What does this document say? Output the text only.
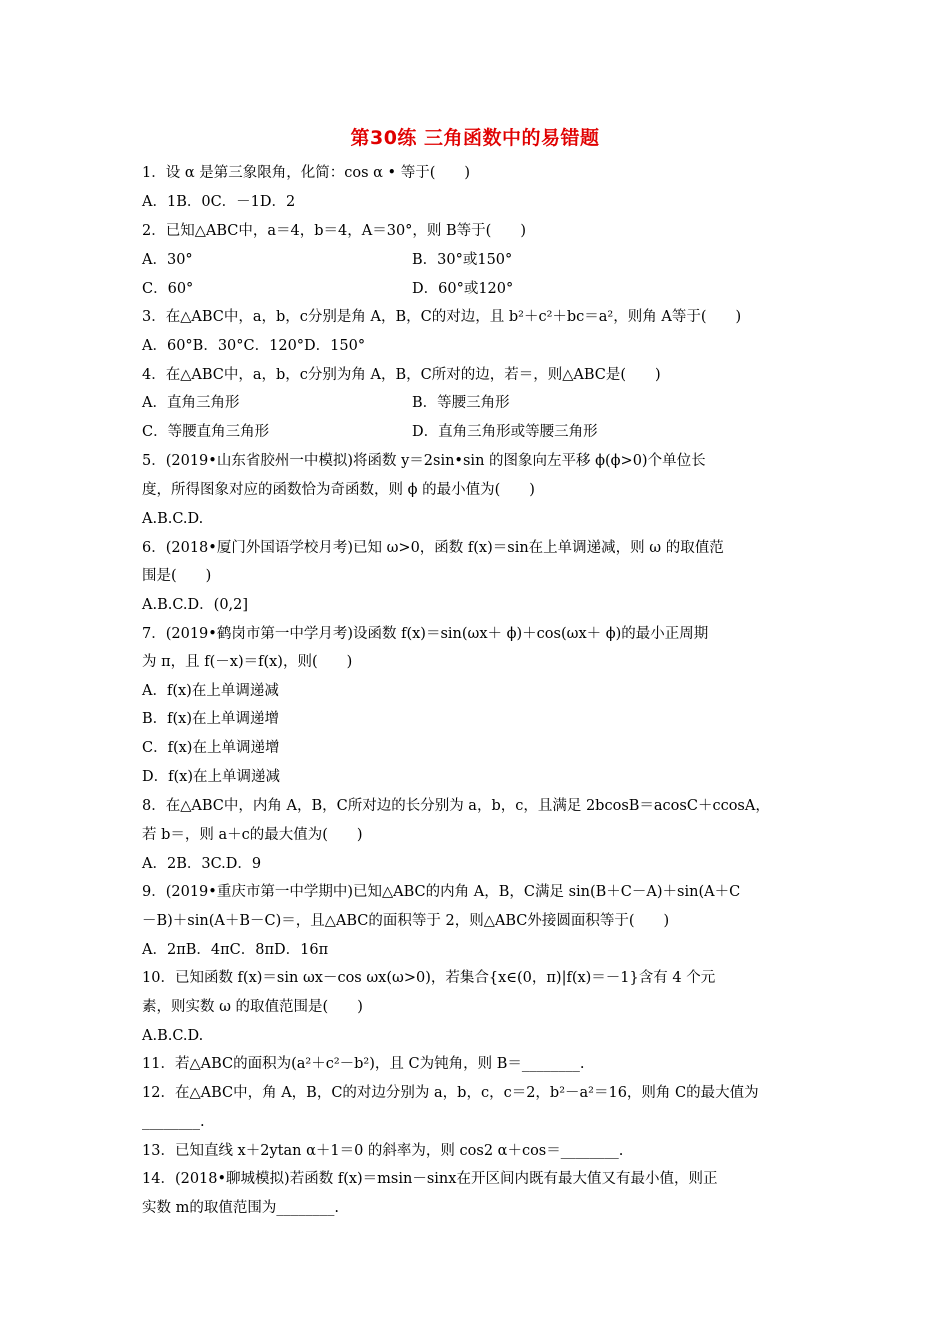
第30练 三角函数中的易错题
1．设 α 是第三象限角，化简：cos α • 等于(　　)
A．1B．0C．－1D．2
2．已知△ABC中，a＝4，b＝4，A＝30°，则 B等于(　　)
A．30°	B．30°或150°
C．60°	D．60°或120°
3．在△ABC中，a，b，c分别是角 A，B，C的对边，且 b²＋c²＋bc＝a²，则角 A等于(　　)
A．60°B．30°C．120°D．150°
4．在△ABC中，a，b，c分别为角 A，B，C所对的边，若＝，则△ABC是(　　)
A．直角三角形	B．等腰三角形
C．等腰直角三角形	D．直角三角形或等腰三角形
5．(2019•山东省胶州一中模拟)将函数 y＝2sin•sin 的图象向左平移 ϕ(ϕ>0)个单位长
度，所得图象对应的函数恰为奇函数，则 ϕ 的最小值为(　　)
A.B.C.D.
6．(2018•厦门外国语学校月考)已知 ω>0，函数 f(x)＝sin在上单调递减，则 ω 的取值范
围是(　　)
A.B.C.D．(0,2]
7．(2019•鹤岗市第一中学月考)设函数 f(x)＝sin(ωx＋ ϕ)＋cos(ωx＋ ϕ)的最小正周期
为 π，且 f(－x)＝f(x)，则(　　)
A．f(x)在上单调递减
B．f(x)在上单调递增
C．f(x)在上单调递增
D．f(x)在上单调递减
8．在△ABC中，内角 A，B，C所对边的长分别为 a，b，c，且满足 2bcosB＝acosC＋ccosA，
若 b＝，则 a＋c的最大值为(　　)
A．2B．3C.D．9
9．(2019•重庆市第一中学期中)已知△ABC的内角 A，B，C满足 sin(B＋C－A)＋sin(A＋C
－B)＋sin(A＋B－C)＝，且△ABC的面积等于 2，则△ABC外接圆面积等于(　　)
A．2πB．4πC．8πD．16π
10．已知函数 f(x)＝sin ωx－cos ωx(ω>0)，若集合{x∈(0，π)|f(x)＝－1}含有 4 个元
素，则实数 ω 的取值范围是(　　)
A.B.C.D.
11．若△ABC的面积为(a²＋c²－b²)，且 C为钝角，则 B＝________.
12．在△ABC中，角 A，B，C的对边分别为 a，b，c，c＝2，b²－a²＝16，则角 C的最大值为
________.
13．已知直线 x＋2ytan α＋1＝0 的斜率为，则 cos2 α＋cos＝________.
14．(2018•聊城模拟)若函数 f(x)＝msin－sinx在开区间内既有最大值又有最小值，则正
实数 m的取值范围为________.
